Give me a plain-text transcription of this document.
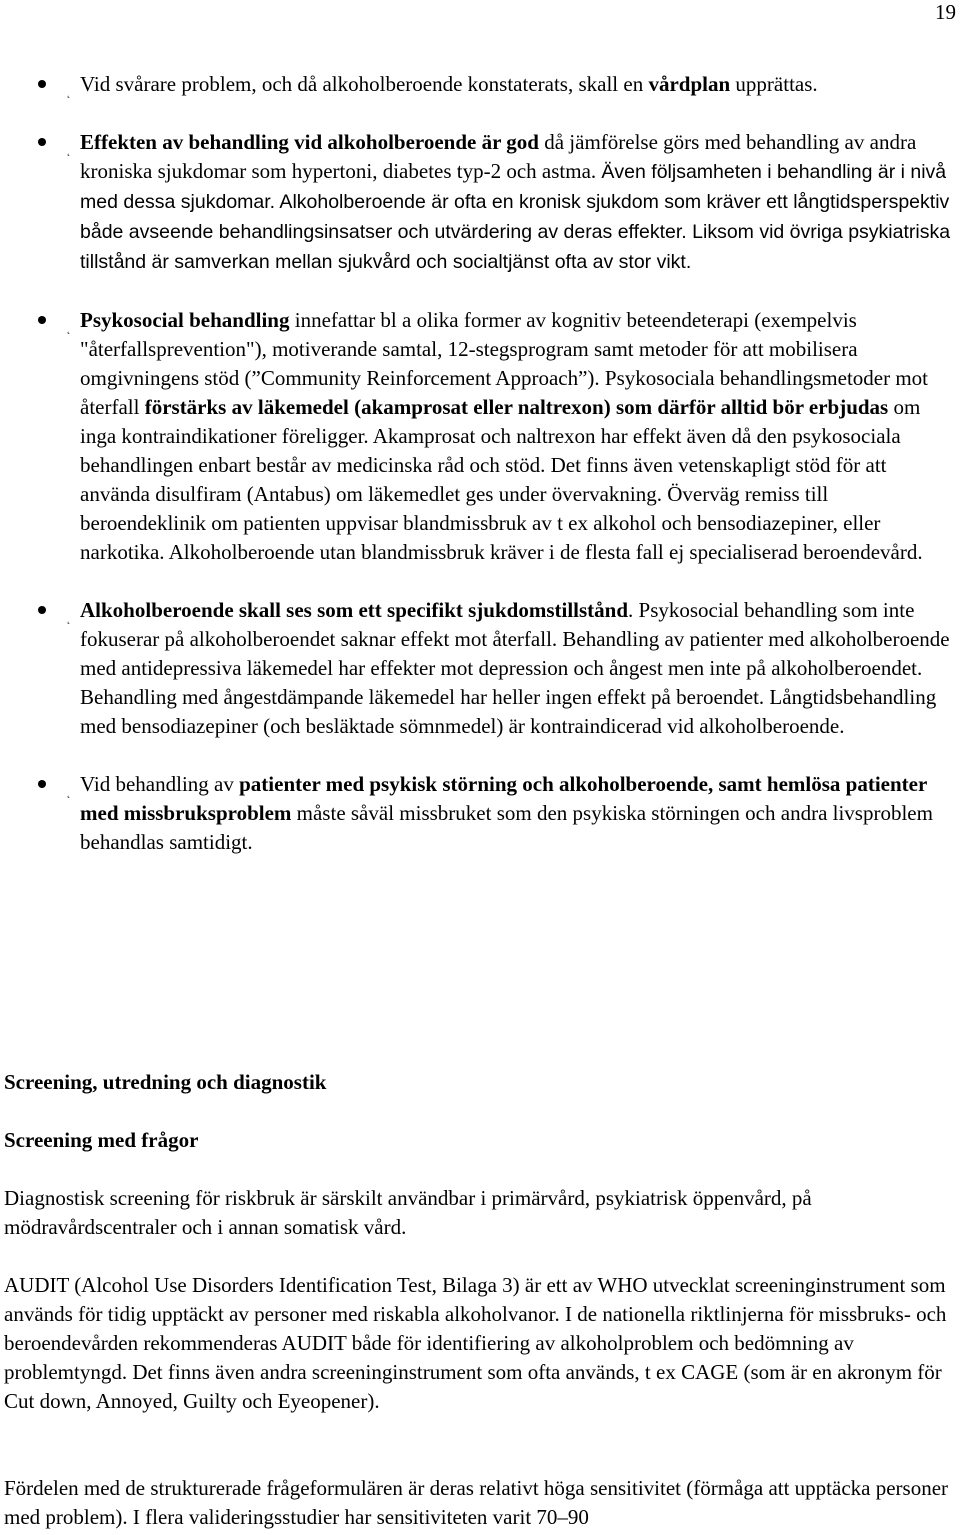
19
˛ Vid svårare problem, och då alkoholberoende konstaterats, skall en vårdplan upprättas.
˛ Effekten av behandling vid alkoholberoende är god då jämförelse görs med behandling av andra kroniska sjukdomar som hypertoni, diabetes typ-2 och astma. Även följsamheten i behandling är i nivå med dessa sjukdomar. Alkoholberoende är ofta en kronisk sjukdom som kräver ett långtidsperspektiv både avseende behandlingsinsatser och utvärdering av deras effekter. Liksom vid övriga psykiatriska tillstånd är samverkan mellan sjukvård och socialtjänst ofta av stor vikt.
˛ Psykosocial behandling innefattar bl a olika former av kognitiv beteendeterapi (exempelvis "återfallsprevention"), motiverande samtal, 12-stegsprogram samt metoder för att mobilisera omgivningens stöd (”Community Reinforcement Approach”). Psykosociala behandlingsmetoder mot återfall förstärks av läkemedel (akamprosat eller naltrexon) som därför alltid bör erbjudas om inga kontraindikationer föreligger. Akamprosat och naltrexon har effekt även då den psykosociala behandlingen enbart består av medicinska råd och stöd. Det finns även vetenskapligt stöd för att använda disulfiram (Antabus) om läkemedlet ges under övervakning. Överväg remiss till beroendeklinik om patienten uppvisar blandmissbruk av t ex alkohol och bensodiazepiner, eller narkotika. Alkoholberoende utan blandmissbruk kräver i de flesta fall ej specialiserad beroendevård.
˛ Alkoholberoende skall ses som ett specifikt sjukdomstillstånd. Psykosocial behandling som inte fokuserar på alkoholberoendet saknar effekt mot återfall. Behandling av patienter med alkoholberoende med antidepressiva läkemedel har effekter mot depression och ångest men inte på alkoholberoendet. Behandling med ångestdämpande läkemedel har heller ingen effekt på beroendet. Långtidsbehandling med bensodiazepiner (och besläktade sömnmedel) är kontraindicerad vid alkoholberoende.
˛ Vid behandling av patienter med psykisk störning och alkoholberoende, samt hemlösa patienter med missbruksproblem måste såväl missbruket som den psykiska störningen och andra livsproblem behandlas samtidigt.
Screening, utredning och diagnostik
Screening med frågor

Diagnostisk screening för riskbruk är särskilt användbar i primärvård, psykiatrisk öppenvård, på mödravårdscentraler och i annan somatisk vård.

AUDIT (Alcohol Use Disorders Identification Test, Bilaga 3) är ett av WHO utvecklat screeninginstrument som används för tidig upptäckt av personer med riskabla alkoholvanor. I de nationella riktlinjerna för missbruks- och beroendevården rekommenderas AUDIT både för identifiering av alkoholproblem och bedömning av problemtyngd. Det finns även andra screeninginstrument som ofta används, t ex CAGE (som är en akronym för Cut down, Annoyed, Guilty och Eyeopener).

Fördelen med de strukturerade frågeformulären är deras relativt höga sensitivitet (förmåga att upptäcka personer med problem). I flera valideringsstudier har sensitiviteten varit 70–90
